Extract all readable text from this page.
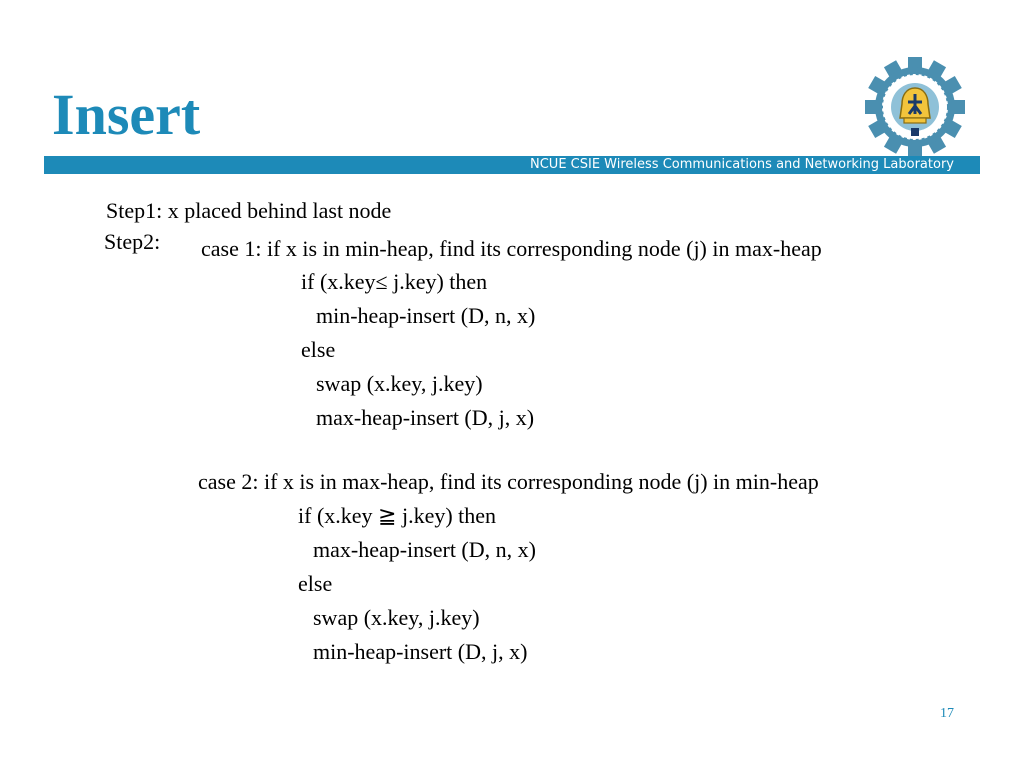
Insert
NCUE CSIE Wireless Communications and Networking Laboratory

Step1: x placed behind last node

Step2: case 1: if x is in min-heap, find its corresponding node (j) in max-heap

if (x.key≤ j.key) then

min-heap-insert (D, n, x)

else

swap (x.key, j.key)

max-heap-insert (D, j, x)

case 2: if x is in max-heap, find its corresponding node (j) in min-heap

if (x.key ≧ j.key) then

max-heap-insert (D, n, x)

else

swap (x.key, j.key)

min-heap-insert (D, j, x)

17
